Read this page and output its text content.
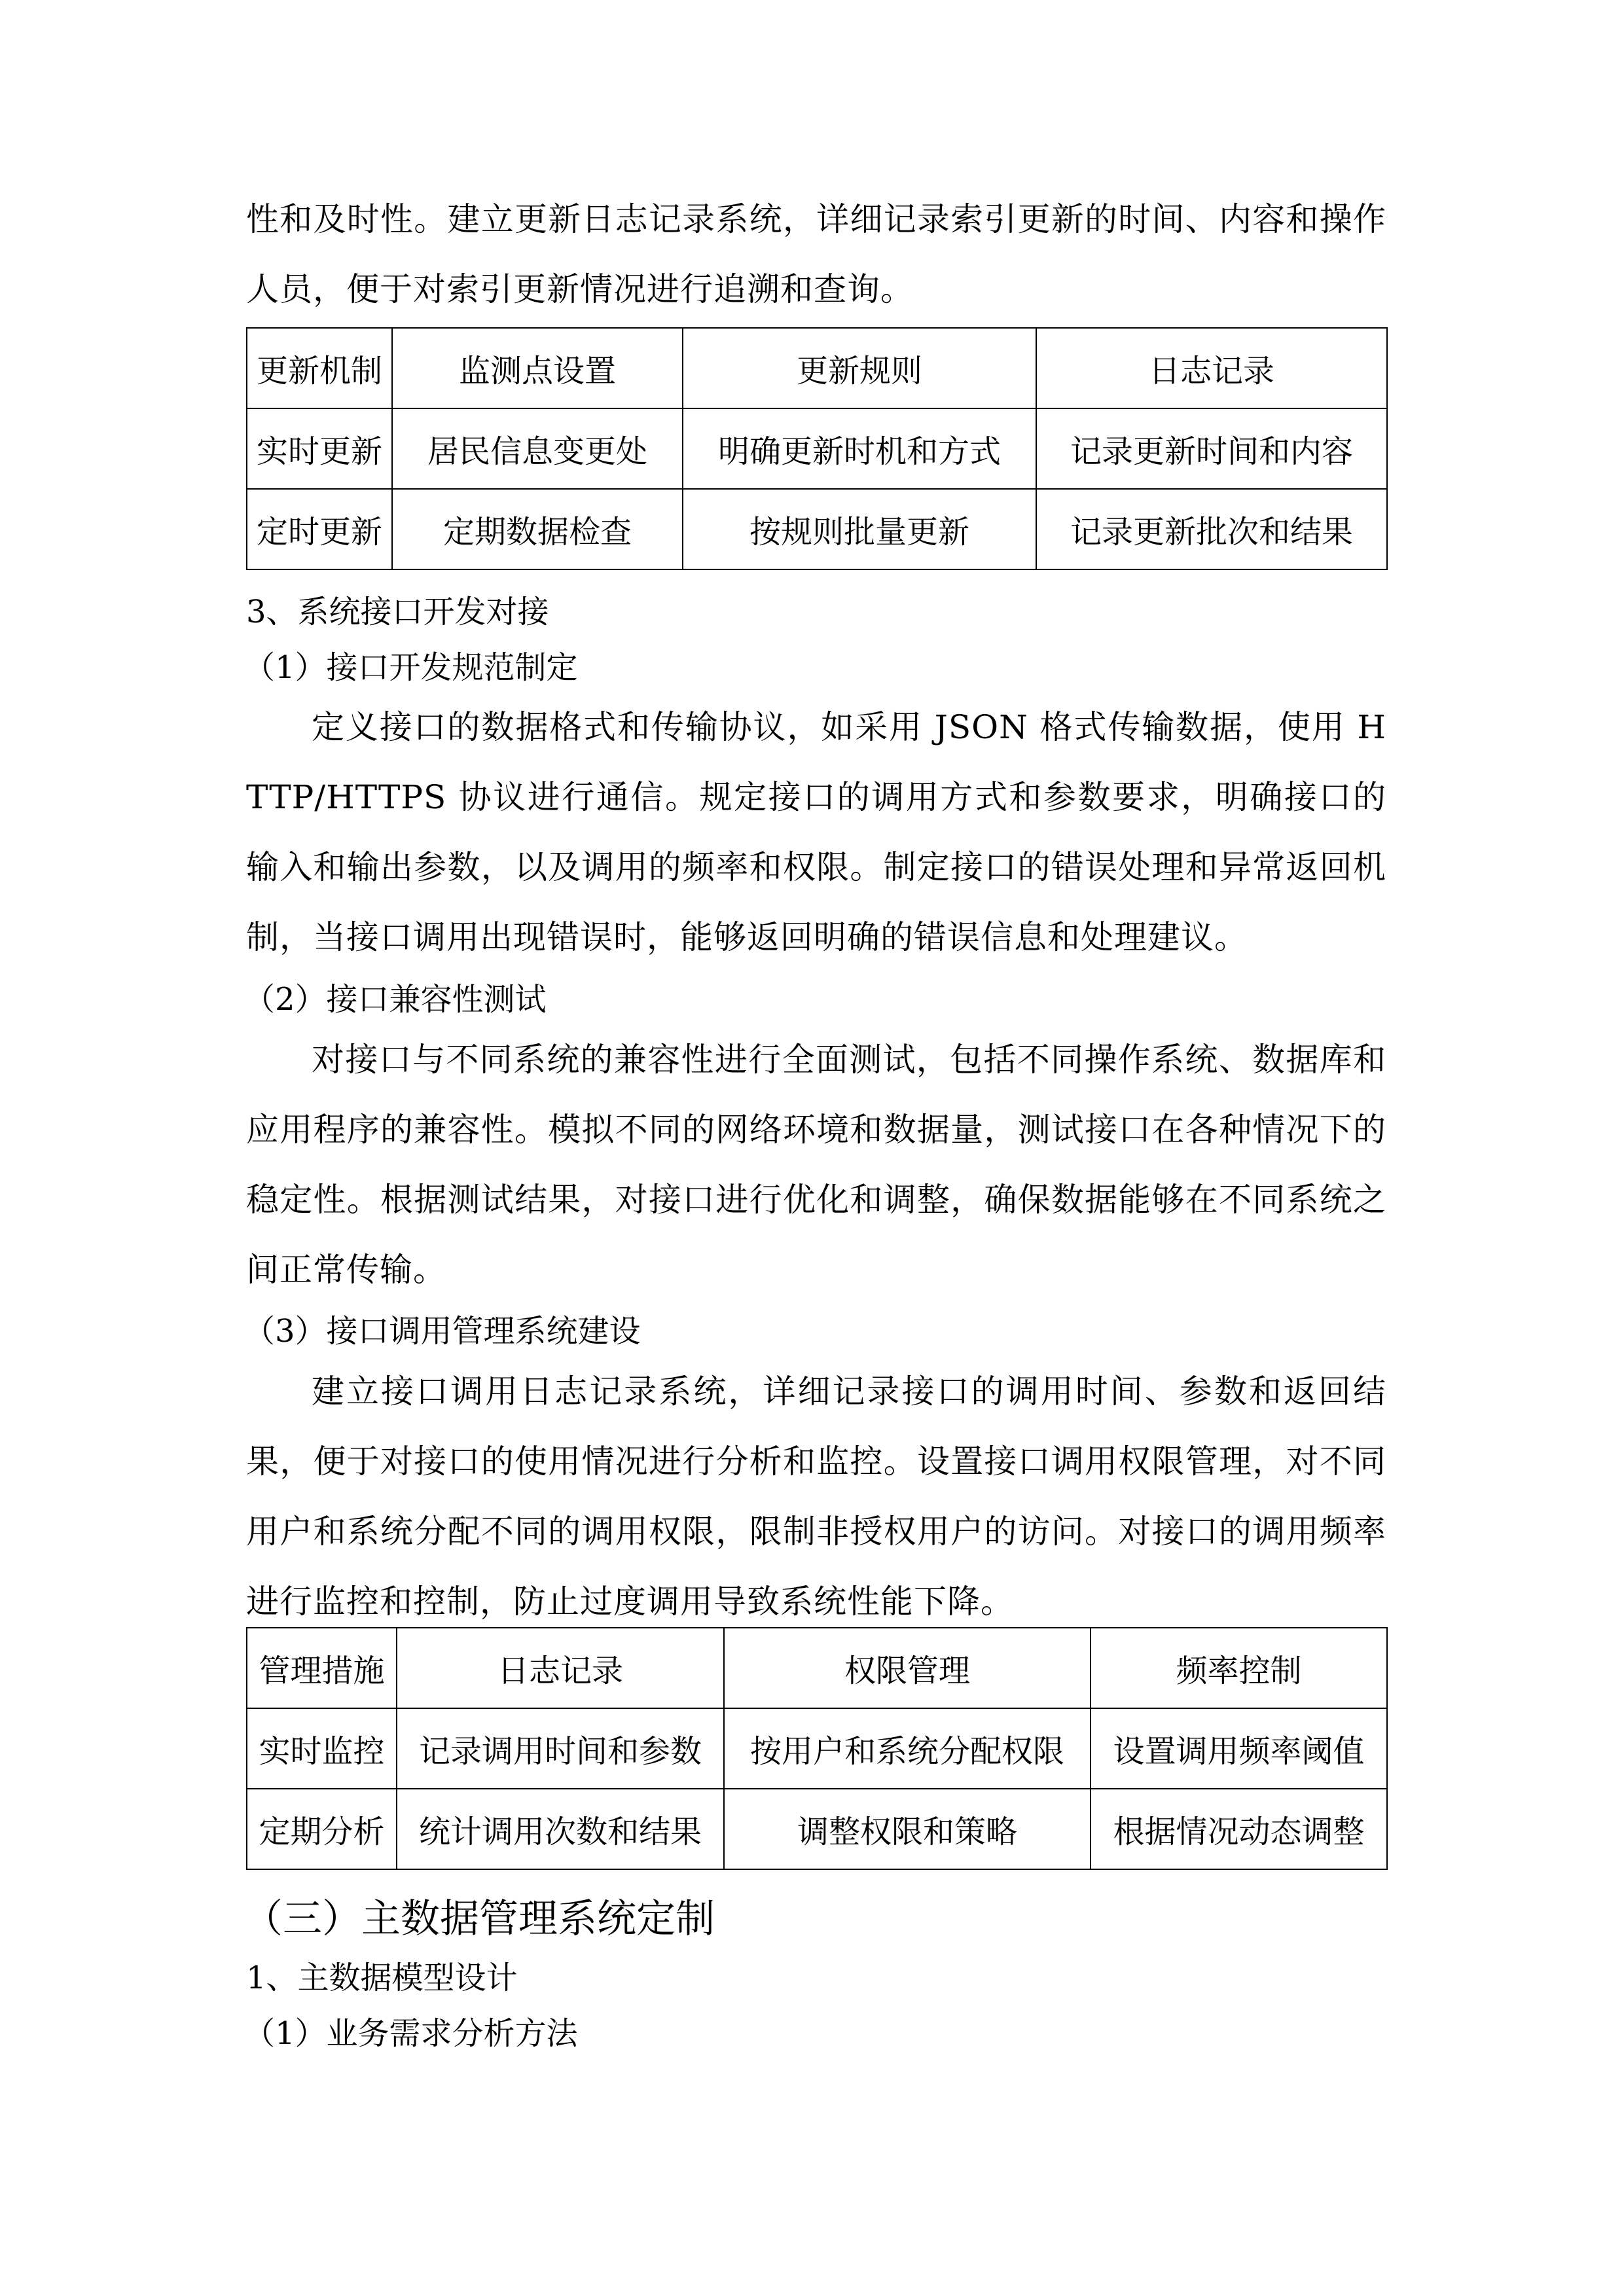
性和及时性。建立更新日志记录系统，详细记录索引更新的时间、内容和操作人员，便于对索引更新情况进行追溯和查询。

更新机制	监测点设置	更新规则	日志记录
实时更新	居民信息变更处	明确更新时机和方式	记录更新时间和内容
定时更新	定期数据检查	按规则批量更新	记录更新批次和结果
3、系统接口开发对接
（1）接口开发规范制定

定义接口的数据格式和传输协议，如采用 JSON 格式传输数据，使用 HTTP/HTTPS 协议进行通信。规定接口的调用方式和参数要求，明确接口的输入和输出参数，以及调用的频率和权限。制定接口的错误处理和异常返回机制，当接口调用出现错误时，能够返回明确的错误信息和处理建议。

（2）接口兼容性测试

对接口与不同系统的兼容性进行全面测试，包括不同操作系统、数据库和应用程序的兼容性。模拟不同的网络环境和数据量，测试接口在各种情况下的稳定性。根据测试结果，对接口进行优化和调整，确保数据能够在不同系统之间正常传输。

（3）接口调用管理系统建设

建立接口调用日志记录系统，详细记录接口的调用时间、参数和返回结果，便于对接口的使用情况进行分析和监控。设置接口调用权限管理，对不同用户和系统分配不同的调用权限，限制非授权用户的访问。对接口的调用频率进行监控和控制，防止过度调用导致系统性能下降。

管理措施	日志记录	权限管理	频率控制
实时监控	记录调用时间和参数	按用户和系统分配权限	设置调用频率阈值
定期分析	统计调用次数和结果	调整权限和策略	根据情况动态调整
（三）主数据管理系统定制
1、主数据模型设计
（1）业务需求分析方法
